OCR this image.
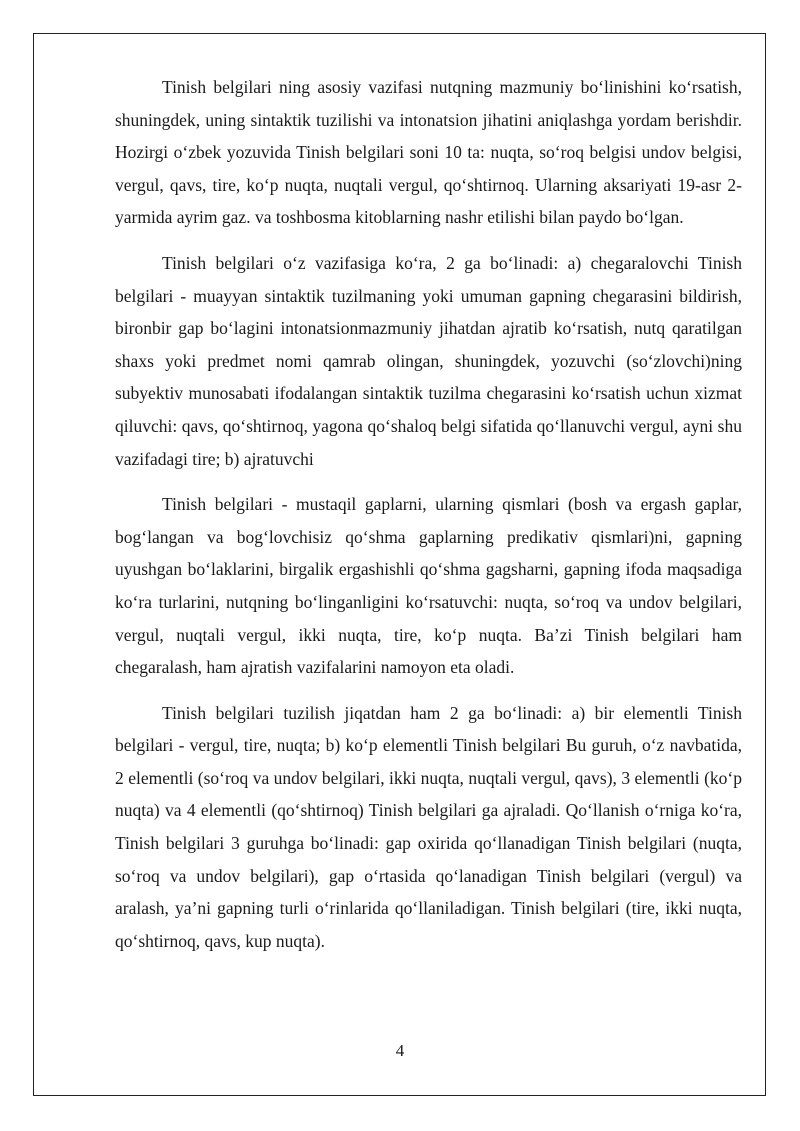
Tinish belgilari ning asosiy vazifasi nutqning mazmuniy bo‘linishini ko‘rsatish, shuningdek, uning sintaktik tuzilishi va intonatsion jihatini aniqlashga yordam berishdir. Hozirgi o‘zbek yozuvida Tinish belgilari soni 10 ta: nuqta, so‘roq belgisi undov belgisi, vergul, qavs, tire, ko‘p nuqta, nuqtali vergul, qo‘shtirnoq. Ularning aksariyati 19-asr 2-yarmida ayrim gaz. va toshbosma kitoblarning nashr etilishi bilan paydo bo‘lgan.

Tinish belgilari o‘z vazifasiga ko‘ra, 2 ga bo‘linadi: a) chegaralovchi Tinish belgilari - muayyan sintaktik tuzilmaning yoki umuman gapning chegarasini bildirish, bironbir gap bo‘lagini intonatsionmazmuniy jihatdan ajratib ko‘rsatish, nutq qaratilgan shaxs yoki predmet nomi qamrab olingan, shuningdek, yozuvchi (so‘zlovchi)ning subyektiv munosabati ifodalangan sintaktik tuzilma chegarasini ko‘rsatish uchun xizmat qiluvchi: qavs, qo‘shtirnoq, yagona qo‘shaloq belgi sifatida qo‘llanuvchi vergul, ayni shu vazifadagi tire; b) ajratuvchi

Tinish belgilari - mustaqil gaplarni, ularning qismlari (bosh va ergash gaplar, bog‘langan va bog‘lovchisiz qo‘shma gaplarning predikativ qismlari)ni, gapning uyushgan bo‘laklarini, birgalik ergashishli qo‘shma gagsharni, gapning ifoda maqsadiga ko‘ra turlarini, nutqning bo‘linganligini ko‘rsatuvchi: nuqta, so‘roq va undov belgilari, vergul, nuqtali vergul, ikki nuqta, tire, ko‘p nuqta. Ba’zi Tinish belgilari ham chegaralash, ham ajratish vazifalarini namoyon eta oladi.

Tinish belgilari tuzilish jiqatdan ham 2 ga bo‘linadi: a) bir elementli Tinish belgilari - vergul, tire, nuqta; b) ko‘p elementli Tinish belgilari Bu guruh, o‘z navbatida, 2 elementli (so‘roq va undov belgilari, ikki nuqta, nuqtali vergul, qavs), 3 elementli (ko‘p nuqta) va 4 elementli (qo‘shtirnoq) Tinish belgilari ga ajraladi. Qo‘llanish o‘rniga ko‘ra, Tinish belgilari 3 guruhga bo‘linadi: gap oxirida qo‘llanadigan Tinish belgilari (nuqta, so‘roq va undov belgilari), gap o‘rtasida qo‘lanadigan Tinish belgilari (vergul) va aralash, ya’ni gapning turli o‘rinlarida qo‘llaniladigan. Tinish belgilari (tire, ikki nuqta, qo‘shtirnoq, qavs, kup nuqta).

4
